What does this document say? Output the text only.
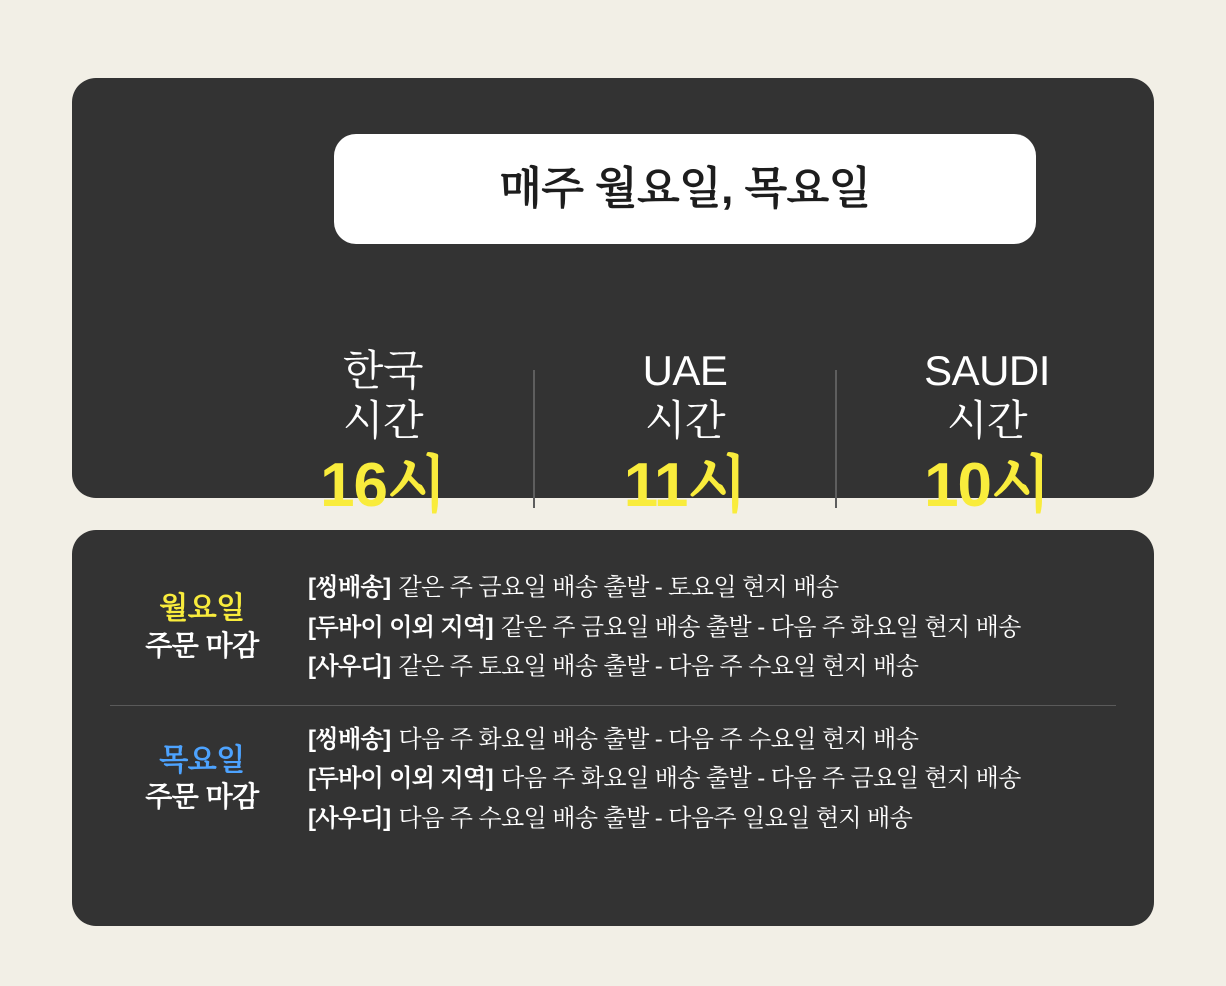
매주 월요일, 목요일
한국
시간
16시
UAE
시간
11시
SAUDI
시간
10시
월요일
주문 마감
[씽배송] 같은 주 금요일 배송 출발 - 토요일 현지 배송
[두바이 이외 지역] 같은 주 금요일 배송 출발 - 다음 주 화요일 현지 배송
[사우디] 같은 주 토요일 배송 출발 - 다음 주 수요일 현지 배송
목요일
주문 마감
[씽배송] 다음 주 화요일 배송 출발 - 다음 주 수요일 현지 배송
[두바이 이외 지역] 다음 주 화요일 배송 출발 - 다음 주 금요일 현지 배송
[사우디] 다음 주 수요일 배송 출발 - 다음주 일요일 현지 배송
